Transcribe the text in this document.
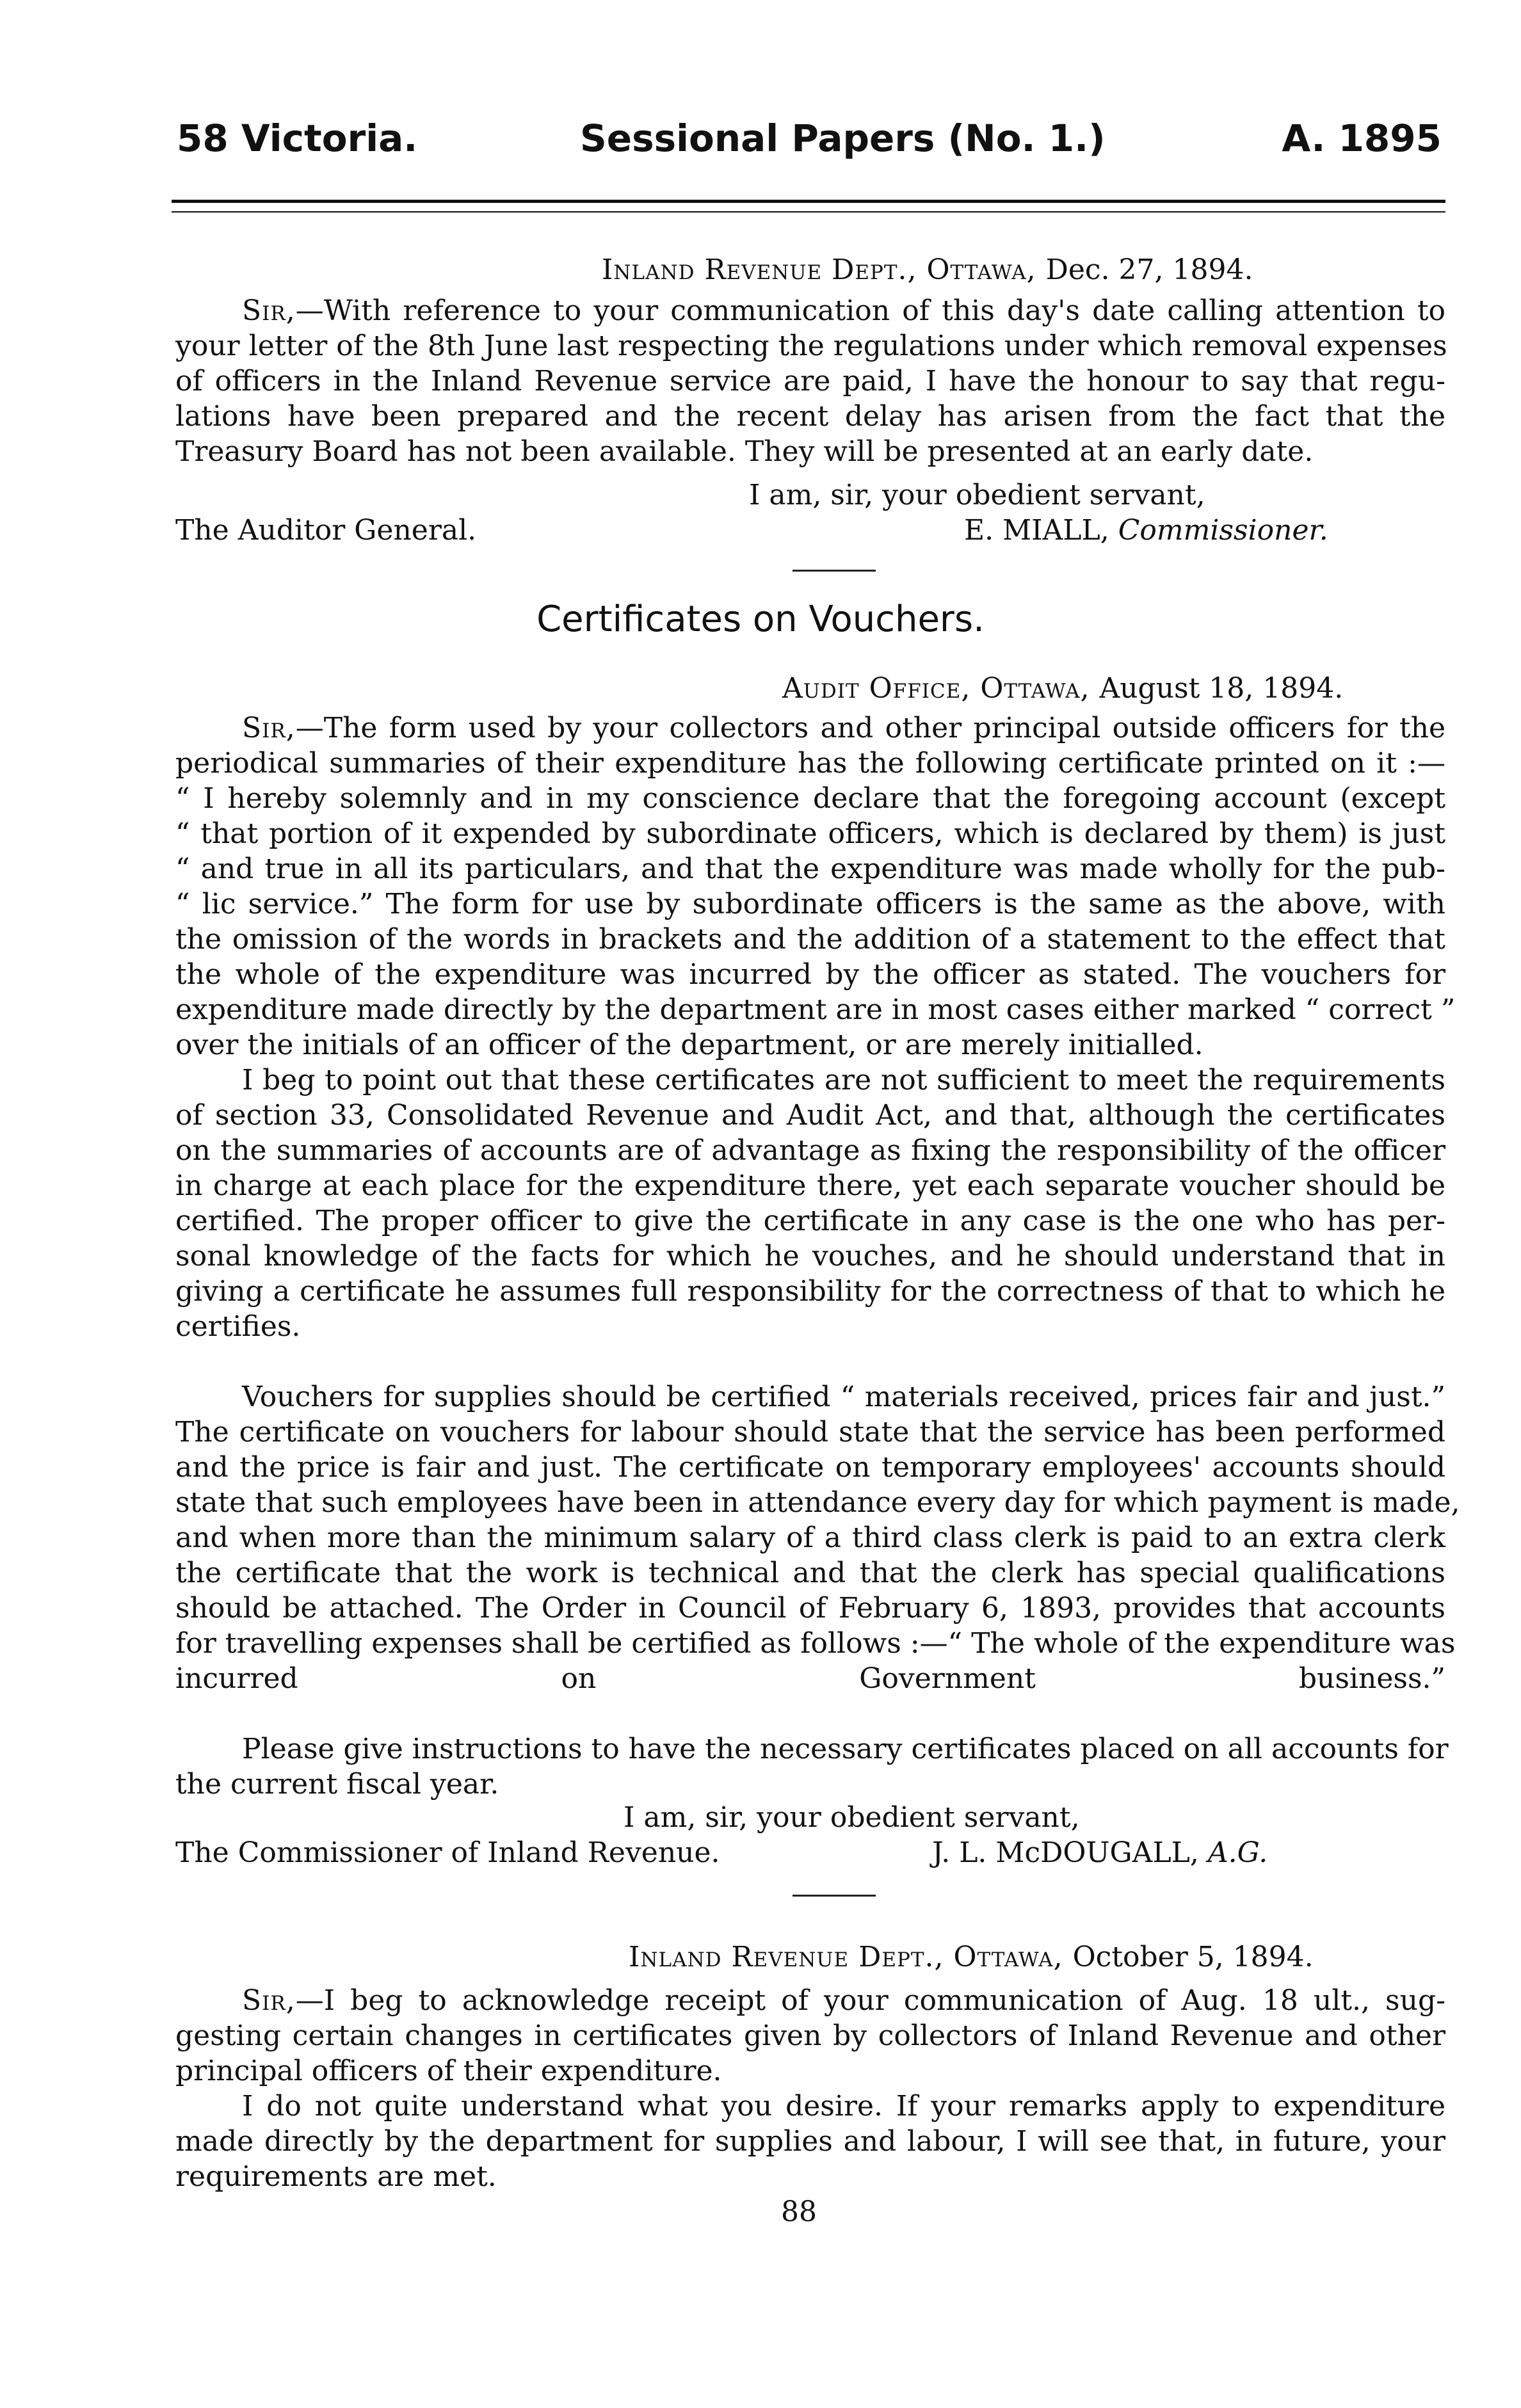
58 Victoria.	Sessional Papers (No. 1.)	A. 1895
Inland Revenue Dept., Ottawa, Dec. 27, 1894.
Sir,—With reference to your communication of this day's date calling attention to
your letter of the 8th June last respecting the regulations under which removal expenses
of officers in the Inland Revenue service are paid, I have the honour to say that regu-
lations have been prepared and the recent delay has arisen from the fact that the
Treasury Board has not been available. They will be presented at an early date.
I am, sir, your obedient servant,
The Auditor General.	E. MIALL, Commissioner.
Certificates on Vouchers.
Audit Office, Ottawa, August 18, 1894.
Sir,—The form used by your collectors and other principal outside officers for the
periodical summaries of their expenditure has the following certificate printed on it :—
“ I hereby solemnly and in my conscience declare that the foregoing account (except
“ that portion of it expended by subordinate officers, which is declared by them) is just
“ and true in all its particulars, and that the expenditure was made wholly for the pub-
“ lic service.” The form for use by subordinate officers is the same as the above, with
the omission of the words in brackets and the addition of a statement to the effect that
the whole of the expenditure was incurred by the officer as stated. The vouchers for
expenditure made directly by the department are in most cases either marked “ correct ”
over the initials of an officer of the department, or are merely initialled.
I beg to point out that these certificates are not sufficient to meet the requirements
of section 33, Consolidated Revenue and Audit Act, and that, although the certificates
on the summaries of accounts are of advantage as fixing the responsibility of the officer
in charge at each place for the expenditure there, yet each separate voucher should be
certified. The proper officer to give the certificate in any case is the one who has per-
sonal knowledge of the facts for which he vouches, and he should understand that in
giving a certificate he assumes full responsibility for the correctness of that to which he
certifies.
Vouchers for supplies should be certified “ materials received, prices fair and just.”
The certificate on vouchers for labour should state that the service has been performed
and the price is fair and just. The certificate on temporary employees' accounts should
state that such employees have been in attendance every day for which payment is made,
and when more than the minimum salary of a third class clerk is paid to an extra clerk
the certificate that the work is technical and that the clerk has special qualifications
should be attached. The Order in Council of February 6, 1893, provides that accounts
for travelling expenses shall be certified as follows :—“ The whole of the expenditure was
incurred on Government business.”
Please give instructions to have the necessary certificates placed on all accounts for
the current fiscal year.
I am, sir, your obedient servant,
The Commissioner of Inland Revenue.	J. L. McDOUGALL, A.G.
Inland Revenue Dept., Ottawa, October 5, 1894.
Sir,—I beg to acknowledge receipt of your communication of Aug. 18 ult., sug-
gesting certain changes in certificates given by collectors of Inland Revenue and other
principal officers of their expenditure.
I do not quite understand what you desire. If your remarks apply to expenditure
made directly by the department for supplies and labour, I will see that, in future, your
requirements are met.
88
